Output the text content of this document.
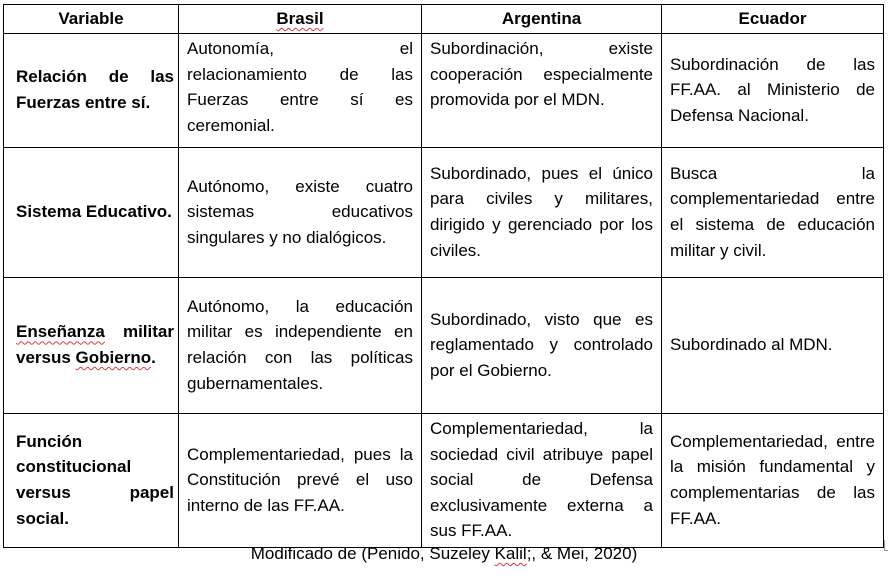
Variable	Brasil	Argentina	Ecuador
Relación de las Fuerzas entre sí.	Autonomía, el relacionamiento de las Fuerzas entre sí es ceremonial.	Subordinación, existe cooperación especialmente promovida por el MDN.	Subordinación de las FF.AA. al Ministerio de Defensa Nacional.
Sistema Educativo.	Autónomo, existe cuatro sistemas educativos singulares y no dialógicos.	Subordinado, pues el único para civiles y militares, dirigido y gerenciado por los civiles.	Busca la complementariedad entre el sistema de educación militar y civil.
Enseñanza militar versus Gobierno.	Autónomo, la educación militar es independiente en relación con las políticas gubernamentales.	Subordinado, visto que es reglamentado y controlado por el Gobierno.	Subordinado al MDN.
Función constitucional versus papel social.	Complementariedad, pues la Constitución prevé el uso interno de las FF.AA.	Complementariedad, la sociedad civil atribuye papel social de Defensa exclusivamente externa a sus FF.AA.	Complementariedad, entre la misión fundamental y complementarias de las FF.AA.
Modificado de (Penido, Suzeley Kalil;, & Mei, 2020)
